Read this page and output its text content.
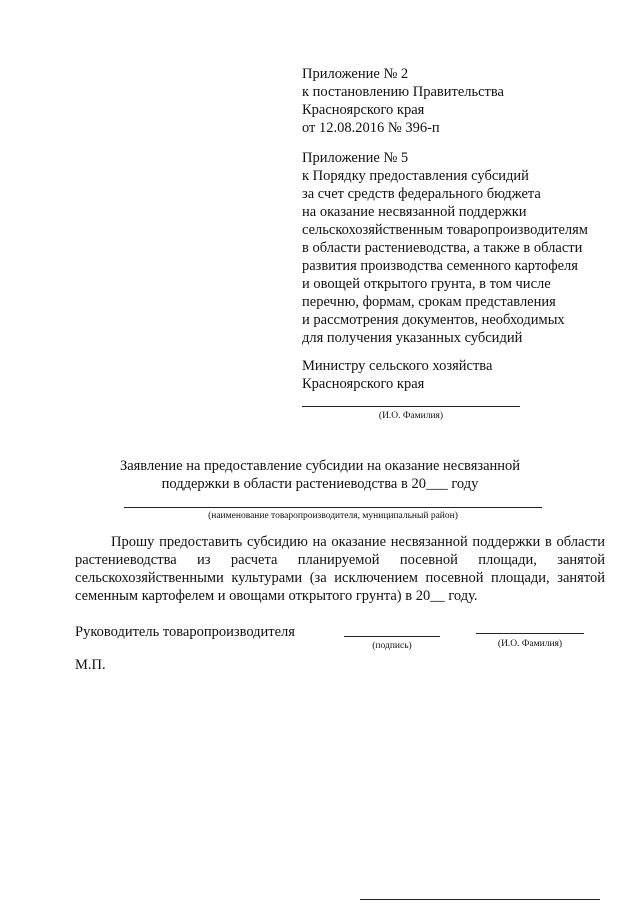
Приложение № 2
к постановлению Правительства
Красноярского края
от 12.08.2016 № 396-п
Приложение № 5
к Порядку предоставления субсидий
за счет средств федерального бюджета
на оказание несвязанной поддержки
сельскохозяйственным товаропроизводителям
в области растениеводства, а также в области
развития производства семенного картофеля
и овощей открытого грунта, в том числе
перечню, формам, срокам представления
и рассмотрения документов, необходимых
для получения указанных субсидий
Министру сельского хозяйства
Красноярского края
(И.О. Фамилия)
Заявление на предоставление субсидии на оказание несвязанной
поддержки в области растениеводства в 20___ году
(наименование товаропроизводителя, муниципальный район)
Прошу предоставить субсидию на оказание несвязанной поддержки в области растениеводства из расчета планируемой посевной площади, занятой сельскохозяйственными культурами (за исключением посевной площади, занятой семенным картофелем и овощами открытого грунта) в 20__ году.
Руководитель товаропроизводителя
(подпись)	(И.О. Фамилия)
М.П.
